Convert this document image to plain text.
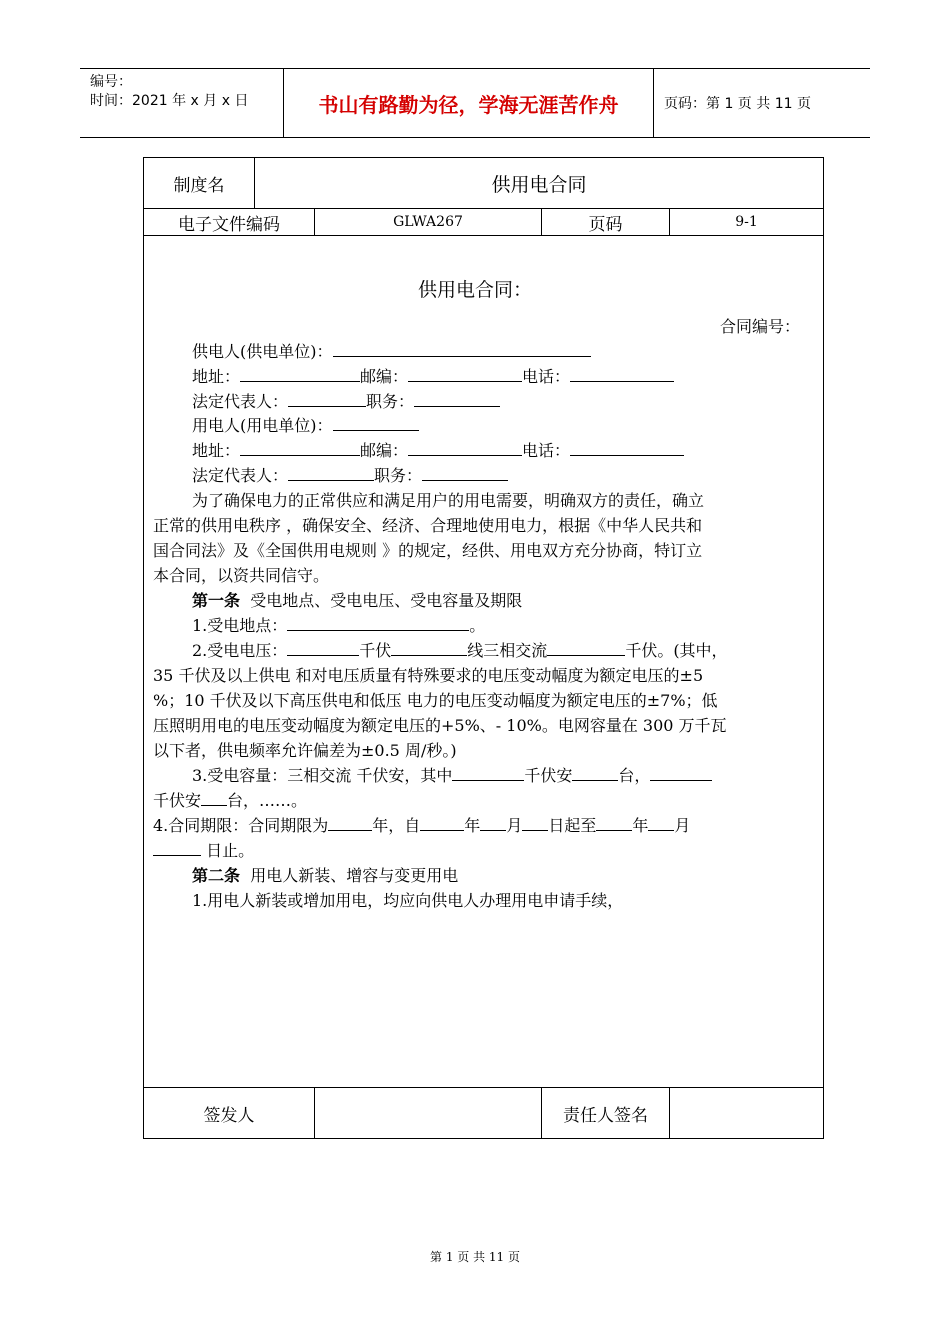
编号：
时间：2021 年 x 月 x 日	书山有路勤为径，学海无涯苦作舟	页码：第 1 页 共 11 页
制度名	供用电合同
电子文件编码	GLWA267	页码	9-1
签发人	责任人签名
供用电合同：
合同编号：
供电人(供电单位)：
地址：	邮编：	电话：
法定代表人：	职务：
用电人(用电单位)：
地址：	邮编：	电话：
法定代表人：	职务：
为了确保电力的正常供应和满足用户的用电需要，明确双方的责任，确立
正常的供用电秩序 ，确保安全、经济、合理地使用电力，根据《中华人民共和
国合同法》及《全国供用电规则 》的规定，经供、用电双方充分协商，特订立
本合同，以资共同信守。
第一条 受电地点、受电电压、受电容量及期限
1.受电地点：	。
2.受电电压：	千伏	线三相交流	千伏。(其中，
35 千伏及以上供电 和对电压质量有特殊要求的电压变动幅度为额定电压的±5
%；10 千伏及以下高压供电和低压 电力的电压变动幅度为额定电压的±7%；低
压照明用电的电压变动幅度为额定电压的+5%、- 10%。电网容量在 300 万千瓦
以下者，供电频率允许偏差为±0.5 周/秒。)
3.受电容量：三相交流 千伏安，其中	千伏安	台，
千伏安 台，……。
4.合同期限：合同期限为	年，自	年 月 日起至 年 月
日止。
第二条 用电人新装、增容与变更用电
1.用电人新装或增加用电，均应向供电人办理用电申请手续，
第 1 页 共 11 页
